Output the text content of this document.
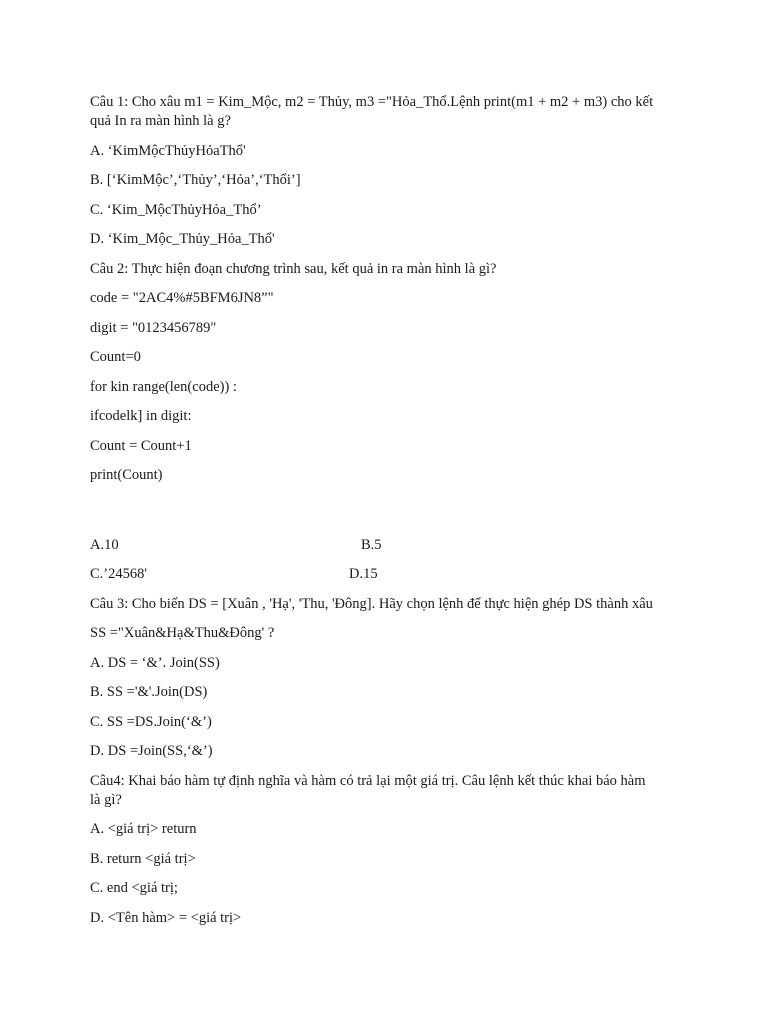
Câu 1: Cho xâu m1 = Kim_Mộc, m2 = Thủy, m3 ="Hỏa_Thổ.Lệnh print(m1 + m2 + m3) cho kết
quả In ra màn hình là g?
A. ‘KimMộcThủyHỏaThổ'
B. [‘KimMộc’,‘Thủy’,‘Hỏa’,‘Thổi’]
C. ‘Kim_MộcThủyHỏa_Thổ’
D. ‘Kim_Mộc_Thủy_Hỏa_Thổ'
Câu 2: Thực hiện đoạn chương trình sau, kết quả in ra màn hình là gì?
code = "2AC4%#5BFM6JN8”"
digit = "0123456789"
Count=0
for kin range(len(code)) :
ifcodelk] in digit:
Count = Count+1
print(Count)
A.10	B.5
C.’24568'	D.15
Câu 3: Cho biến DS = [Xuân , 'Hạ', 'Thu, 'Đông]. Hãy chọn lệnh để thực hiện ghép DS thành xâu
SS ="Xuân&Hạ&Thu&Đông' ?
A. DS = ‘&’. Join(SS)
B. SS ='&'.Join(DS)
C. SS =DS.Join(‘&’)
D. DS =Join(SS,‘&’)
Câu4: Khai báo hàm tự định nghĩa và hàm có trả lại một giá trị. Câu lệnh kết thúc khai báo hàm
là gì?
A. <giá trị> return
B. return <giá trị>
C. end <giá trị;
D. <Tên hàm> = <giá trị>
